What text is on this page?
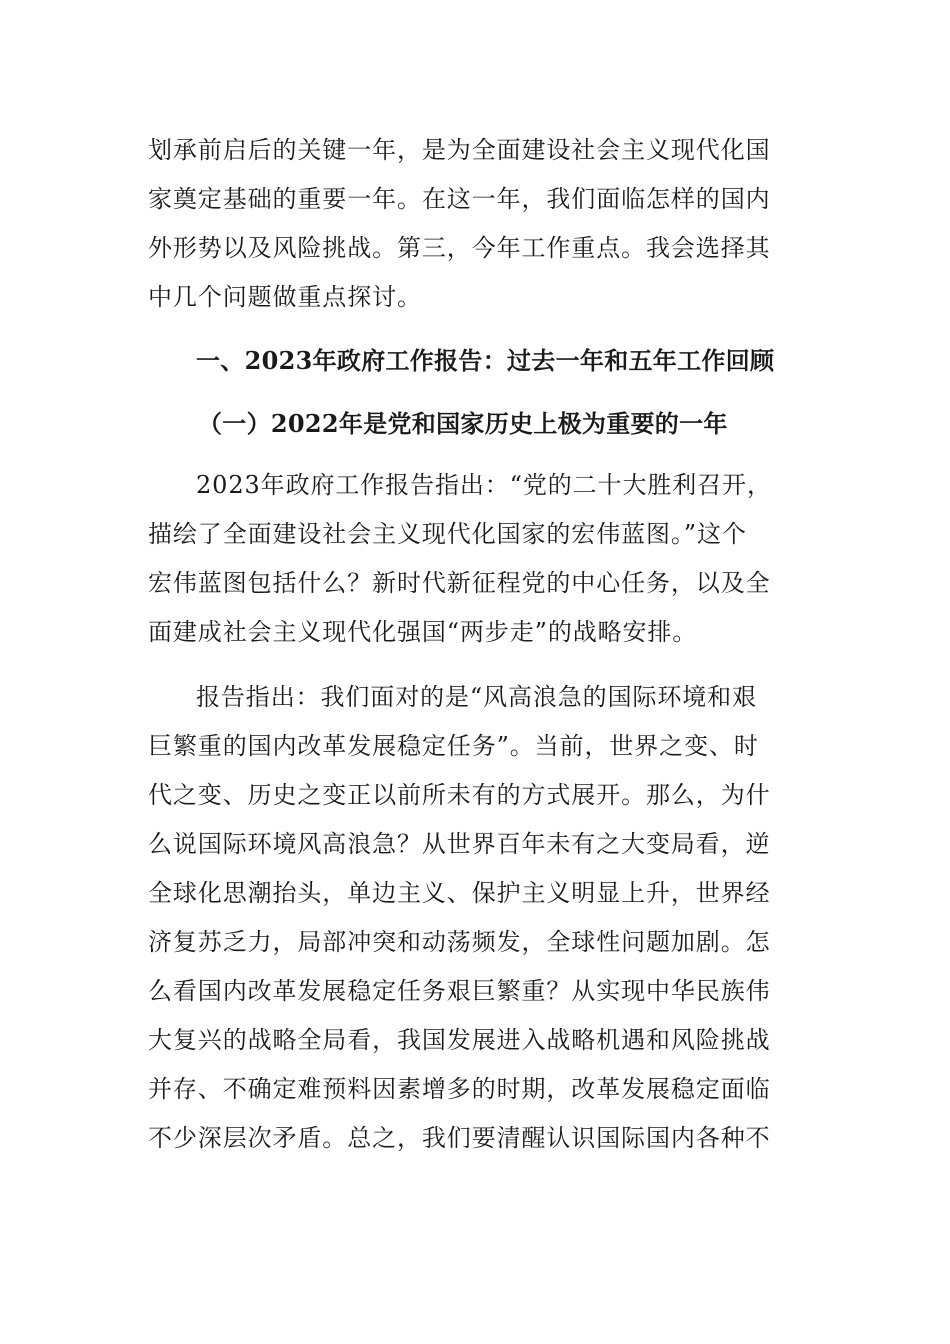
划承前启后的关键一年，是为全面建设社会主义现代化国
家奠定基础的重要一年。在这一年，我们面临怎样的国内
外形势以及风险挑战。第三，今年工作重点。我会选择其
中几个问题做重点探讨。
一、2023年政府工作报告：过去一年和五年工作回顾
（一）2022年是党和国家历史上极为重要的一年
2023年政府工作报告指出：“党的二十大胜利召开，
描绘了全面建设社会主义现代化国家的宏伟蓝图。”这个
宏伟蓝图包括什么？新时代新征程党的中心任务，以及全
面建成社会主义现代化强国“两步走”的战略安排。
报告指出：我们面对的是“风高浪急的国际环境和艰
巨繁重的国内改革发展稳定任务”。当前，世界之变、时
代之变、历史之变正以前所未有的方式展开。那么，为什
么说国际环境风高浪急？从世界百年未有之大变局看，逆
全球化思潮抬头，单边主义、保护主义明显上升，世界经
济复苏乏力，局部冲突和动荡频发，全球性问题加剧。怎
么看国内改革发展稳定任务艰巨繁重？从实现中华民族伟
大复兴的战略全局看，我国发展进入战略机遇和风险挑战
并存、不确定难预料因素增多的时期，改革发展稳定面临
不少深层次矛盾。总之，我们要清醒认识国际国内各种不
